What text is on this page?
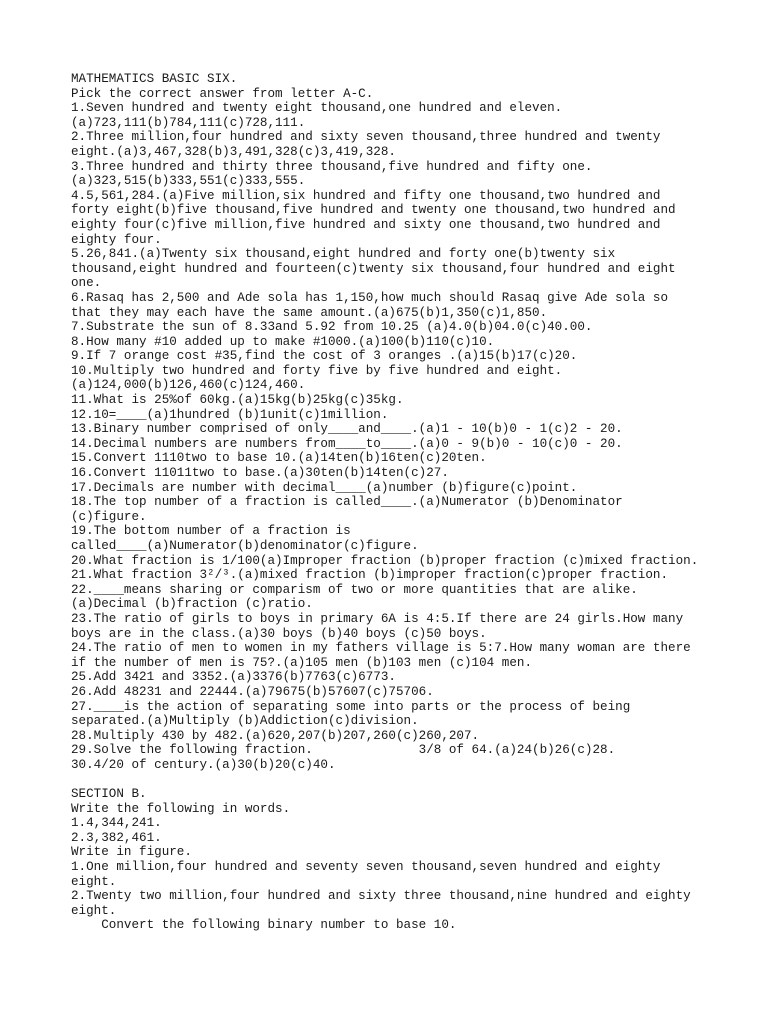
MATHEMATICS BASIC SIX.
Pick the correct answer from letter A-C.
1.Seven hundred and twenty eight thousand,one hundred and eleven.
(a)723,111(b)784,111(c)728,111.
2.Three million,four hundred and sixty seven thousand,three hundred and twenty
eight.(a)3,467,328(b)3,491,328(c)3,419,328.
3.Three hundred and thirty three thousand,five hundred and fifty one.
(a)323,515(b)333,551(c)333,555.
4.5,561,284.(a)Five million,six hundred and fifty one thousand,two hundred and
forty eight(b)five thousand,five hundred and twenty one thousand,two hundred and
eighty four(c)five million,five hundred and sixty one thousand,two hundred and
eighty four.
5.26,841.(a)Twenty six thousand,eight hundred and forty one(b)twenty six
thousand,eight hundred and fourteen(c)twenty six thousand,four hundred and eight
one.
6.Rasaq has 2,500 and Ade sola has 1,150,how much should Rasaq give Ade sola so
that they may each have the same amount.(a)675(b)1,350(c)1,850.
7.Substrate the sun of 8.33and 5.92 from 10.25 (a)4.0(b)04.0(c)40.00.
8.How many #10 added up to make #1000.(a)100(b)110(c)10.
9.If 7 orange cost #35,find the cost of 3 oranges .(a)15(b)17(c)20.
10.Multiply two hundred and forty five by five hundred and eight.
(a)124,000(b)126,460(c)124,460.
11.What is 25%of 60kg.(a)15kg(b)25kg(c)35kg.
12.10=____(a)1hundred (b)1unit(c)1million.
13.Binary number comprised of only____and____.(a)1 - 10(b)0 - 1(c)2 - 20.
14.Decimal numbers are numbers from____to____.(a)0 - 9(b)0 - 10(c)0 - 20.
15.Convert 1110two to base 10.(a)14ten(b)16ten(c)20ten.
16.Convert 11011two to base.(a)30ten(b)14ten(c)27.
17.Decimals are number with decimal____(a)number (b)figure(c)point.
18.The top number of a fraction is called____.(a)Numerator (b)Denominator
(c)figure.
19.The bottom number of a fraction is
called____(a)Numerator(b)denominator(c)figure.
20.What fraction is 1/100(a)Improper fraction (b)proper fraction (c)mixed fraction.
21.What fraction 3²/³.(a)mixed fraction (b)improper fraction(c)proper fraction.
22.____means sharing or comparism of two or more quantities that are alike.
(a)Decimal (b)fraction (c)ratio.
23.The ratio of girls to boys in primary 6A is 4:5.If there are 24 girls.How many
boys are in the class.(a)30 boys (b)40 boys (c)50 boys.
24.The ratio of men to women in my fathers village is 5:7.How many woman are there
if the number of men is 75?.(a)105 men (b)103 men (c)104 men.
25.Add 3421 and 3352.(a)3376(b)7763(c)6773.
26.Add 48231 and 22444.(a)79675(b)57607(c)75706.
27.____is the action of separating some into parts or the process of being
separated.(a)Multiply (b)Addiction(c)division.
28.Multiply 430 by 482.(a)620,207(b)207,260(c)260,207.
29.Solve the following fraction.              3/8 of 64.(a)24(b)26(c)28.
30.4/20 of century.(a)30(b)20(c)40.
SECTION B.
Write the following in words.
1.4,344,241.
2.3,382,461.
Write in figure.
1.One million,four hundred and seventy seven thousand,seven hundred and eighty
eight.
2.Twenty two million,four hundred and sixty three thousand,nine hundred and eighty
eight.
Convert the following binary number to base 10.
